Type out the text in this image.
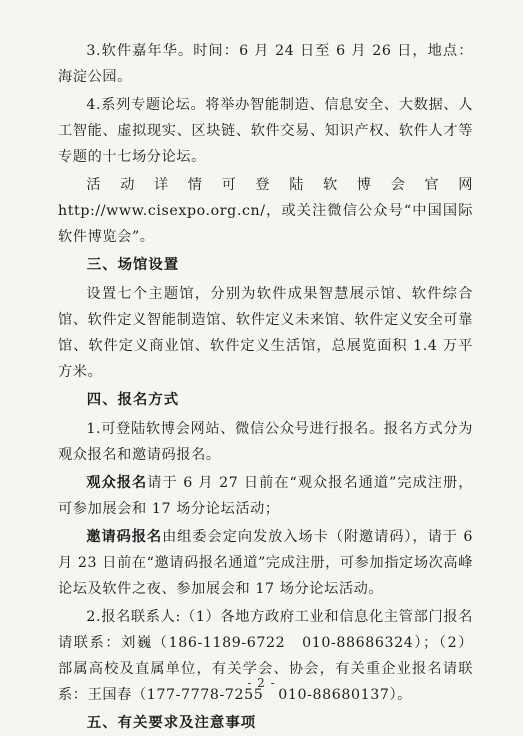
3.软件嘉年华。时间：6 月 24 日至 6 月 26 日，地点：海淀公园。

4.系列专题论坛。将举办智能制造、信息安全、大数据、人工智能、虚拟现实、区块链、软件交易、知识产权、软件人才等专题的十七场分论坛。

活动详情可登陆软博会官网 http://www.cisexpo.org.cn/，或关注微信公众号“中国国际软件博览会”。

三、场馆设置

设置七个主题馆，分别为软件成果智慧展示馆、软件综合馆、软件定义智能制造馆、软件定义未来馆、软件定义安全可靠馆、软件定义商业馆、软件定义生活馆，总展览面积 1.4 万平方米。

四、报名方式

1.可登陆软博会网站、微信公众号进行报名。报名方式分为观众报名和邀请码报名。

观众报名请于 6 月 27 日前在“观众报名通道”完成注册，可参加展会和 17 场分论坛活动；

邀请码报名由组委会定向发放入场卡（附邀请码），请于 6 月 23 日前在“邀请码报名通道”完成注册，可参加指定场次高峰论坛及软件之夜、参加展会和 17 场分论坛活动。

2.报名联系人:（1）各地方政府工业和信息化主管部门报名请联系：刘巍（186-1189-6722　010-88686324）；（2）部属高校及直属单位，有关学会、协会，有关重企业报名请联系：王国春（177-7778-7255　010-88680137）。

五、有关要求及注意事项

- 2 -
